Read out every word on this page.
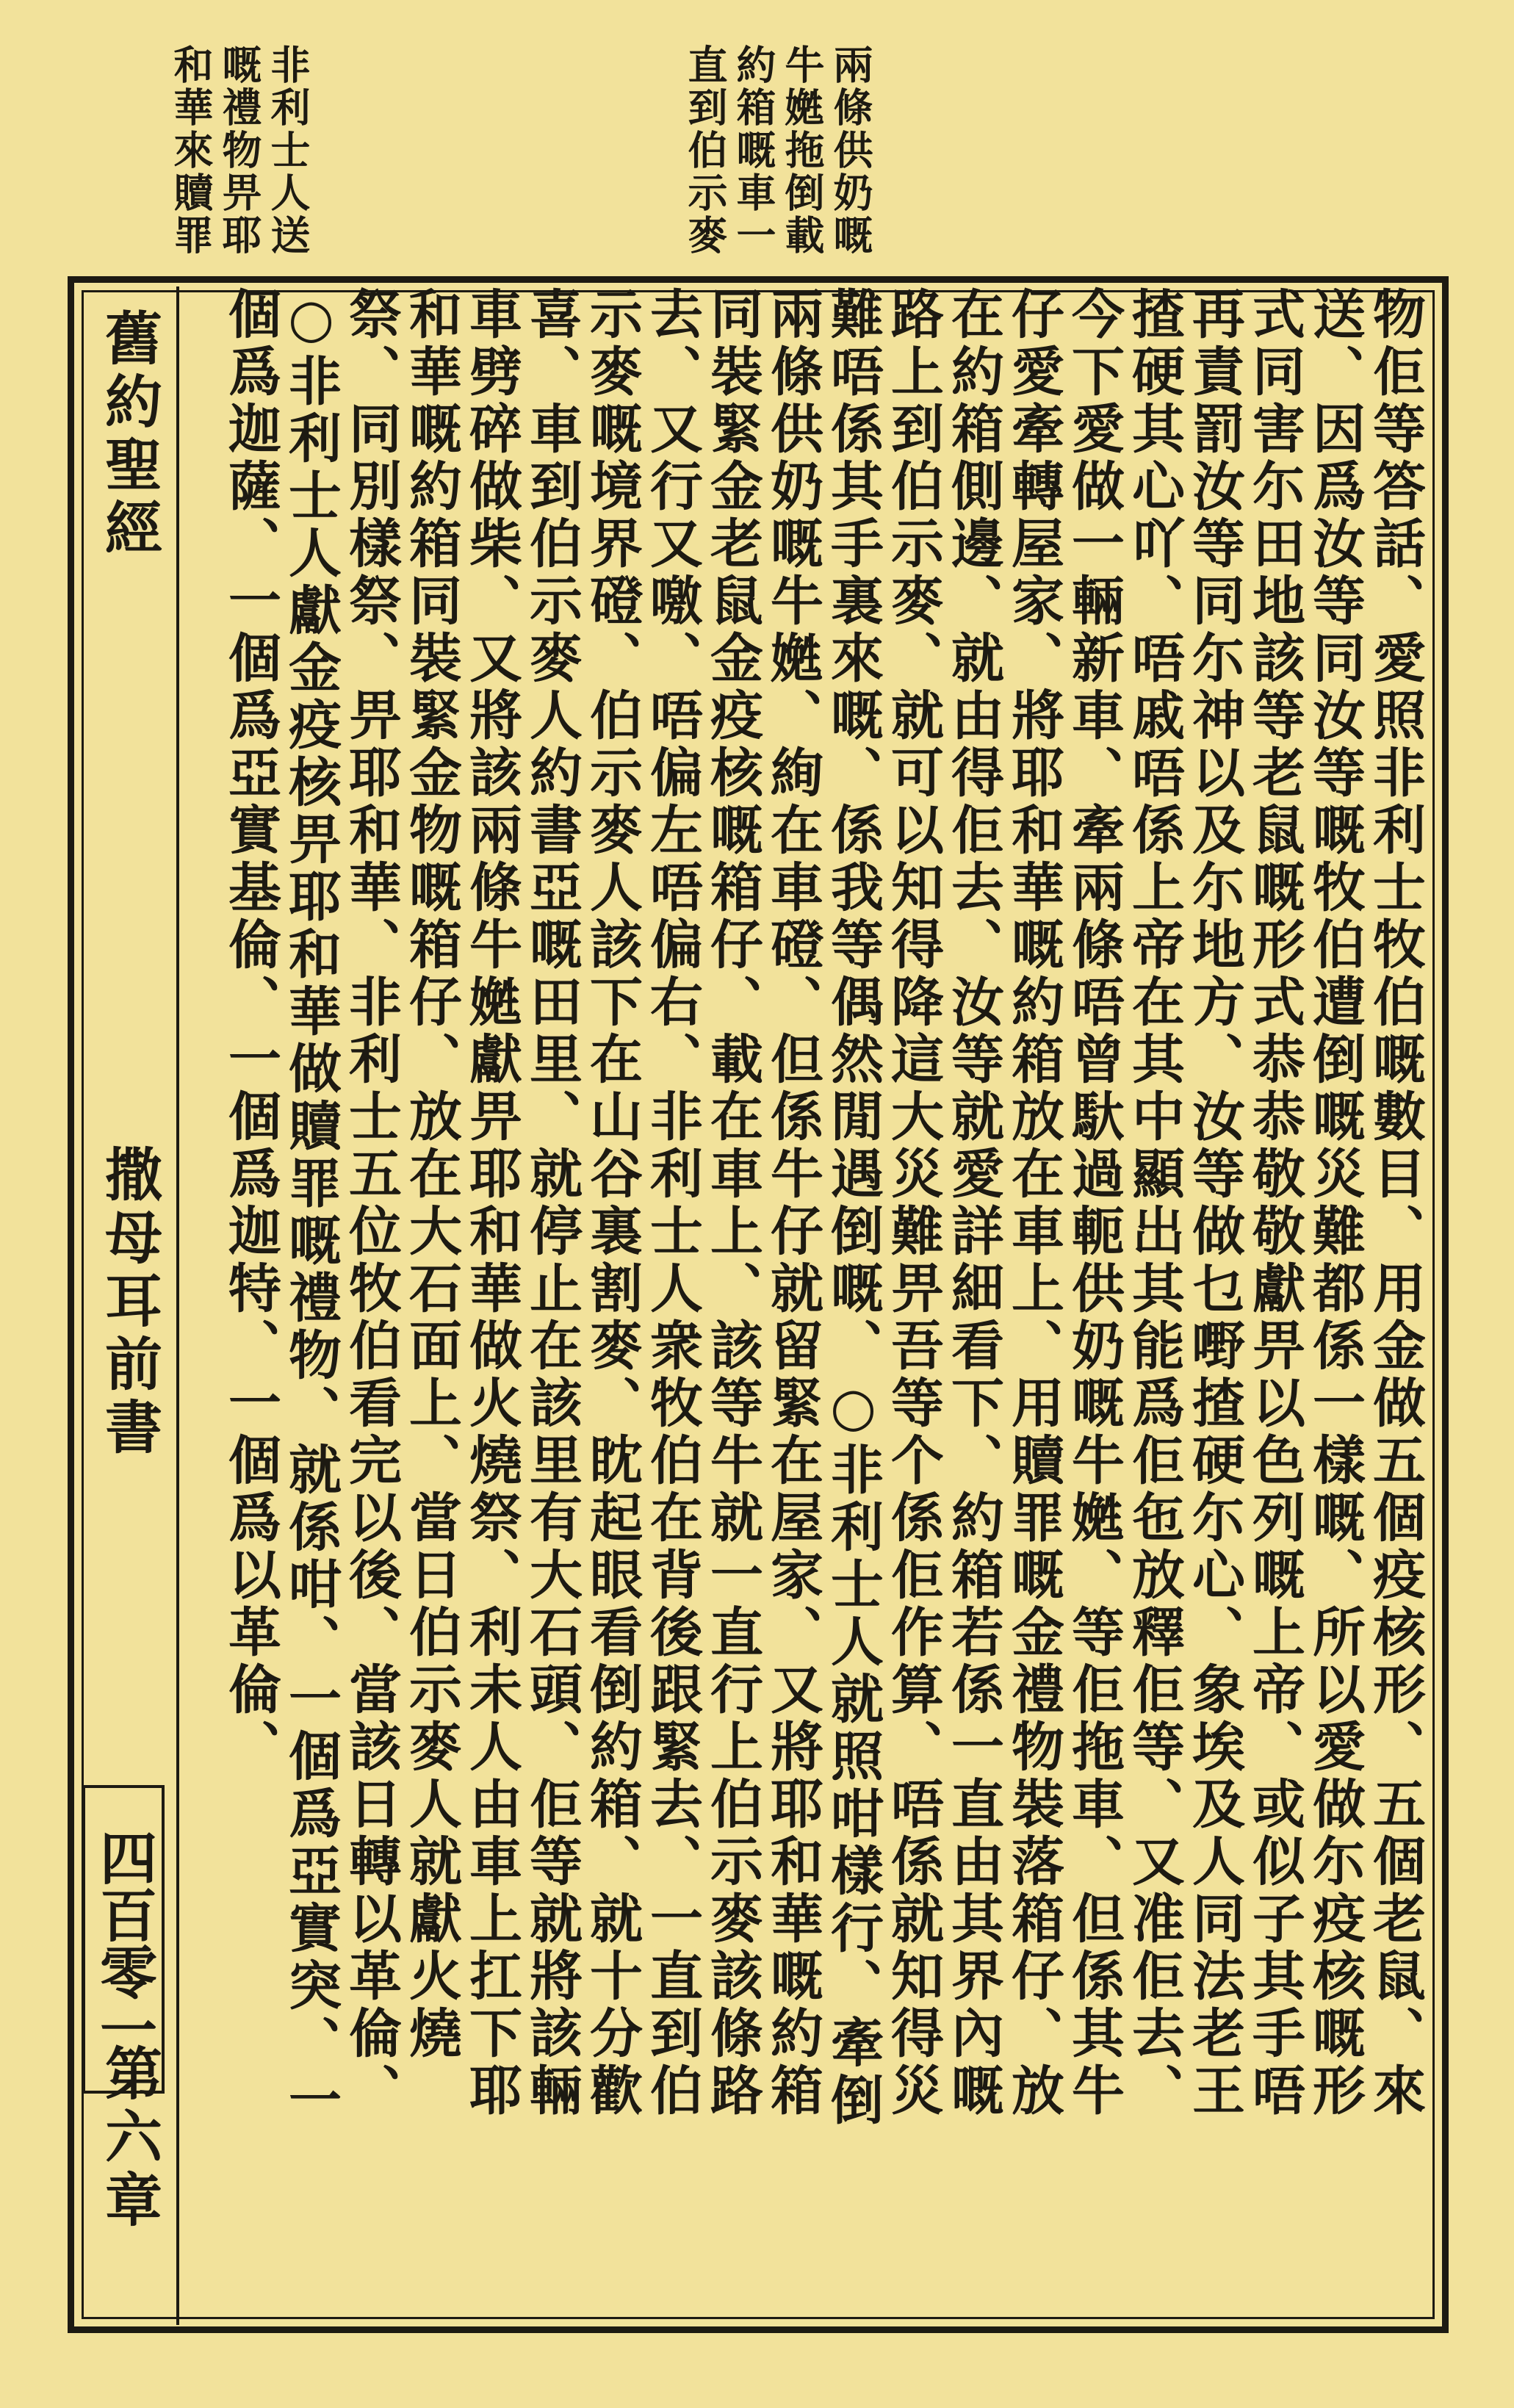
兩條供奶嘅
牛嬎拖倒載
約箱嘅車一
直到伯示麥
非利士人送
嘅禮物畀耶
和華來贖罪
物佢等答話、愛照非利士牧伯嘅數目、用金做五個疫核形、五個老鼠、來送、因爲汝等同汝等嘅牧伯遭倒嘅災難都係一樣嘅、所以愛做尓疫核嘅形式同害尓田地該等老鼠嘅形式恭恭敬敬獻畀以色列嘅上帝、或似子其手唔再責罰汝等同尓神以及尓地方、汝等做乜嘢揸硬尓心、象埃及人同法老王揸硬其心吖、唔戚唔係上帝在其中顯出其能爲佢㐌放釋佢等、又准佢去、今下愛做一輛新車、牽兩條唔曾馱過軛供奶嘅牛嬎、等佢拖車、但係其牛仔愛牽轉屋家、將耶和華嘅約箱放在車上、用贖罪嘅金禮物裝落箱仔、放在約箱側邊、就由得佢去、汝等就愛詳細看下、約箱若係一直由其界內嘅路上到伯示麥、就可以知得降這大災難畀吾等个係佢作算、唔係就知得災難唔係其手裏來嘅、係我等偶然閒遇倒嘅、○非利士人就照咁樣行、牽倒兩條供奶嘅牛嬎、絢在車磴、但係牛仔就留緊在屋家、又將耶和華嘅約箱同裝緊金老鼠金疫核嘅箱仔、載在車上、該等牛就一直行上伯示麥該條路去、又行又噭、唔偏左唔偏右、非利士人衆牧伯在背後跟緊去、一直到伯示麥嘅境界磴、伯示麥人該下在山谷裏割麥、眈起眼看倒約箱、就十分歡喜、車到伯示麥人約書亞嘅田里、就停止在該里有大石頭、佢等就將該輛車劈碎做柴、又將該兩條牛嬎獻畀耶和華做火燒祭、利未人由車上扛下耶和華嘅約箱同裝緊金物嘅箱仔、放在大石面上、當日伯示麥人就獻火燒祭、同別樣祭、畀耶和華、非利士五位牧伯看完以後、當該日轉以革倫、○非利士人獻金疫核畀耶和華做贖罪嘅禮物、就係咁、一個爲亞實突、一個爲迦薩、一個爲亞實基倫、一個爲迦特、一個爲以革倫、
舊約聖經
撒母耳前書
第六章
四百零一
